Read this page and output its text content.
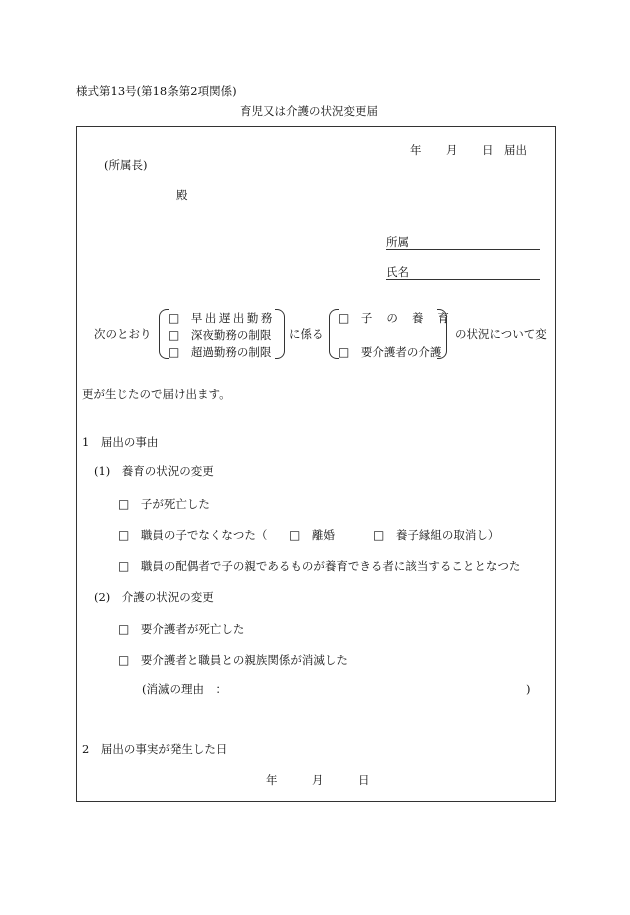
様式第13号(第18条第2項関係)
育児又は介護の状況変更届
年 月 日 届出
(所属長)
殿
所属
氏名
次のとおり
□　 早出遅出勤務
□　 深夜勤務の制限
□　 超過勤務の制限
に係る
□　 子の養育
□　 要介護者の介護
の状況について変
更が生じたので届け出ます。
1　届出の事由
(1)　養育の状況の変更
□　 子が死亡した
□　 職員の子でなくなつた（ □　 離婚	□　 養子縁組の取消し）
□　 職員の配偶者で子の親であるものが養育できる者に該当することとなつた
(2)　介護の状況の変更
□　 要介護者が死亡した
□　 要介護者と職員との親族関係が消滅した
(消滅の理由　：	)
2　届出の事実が発生した日
年	月	日
